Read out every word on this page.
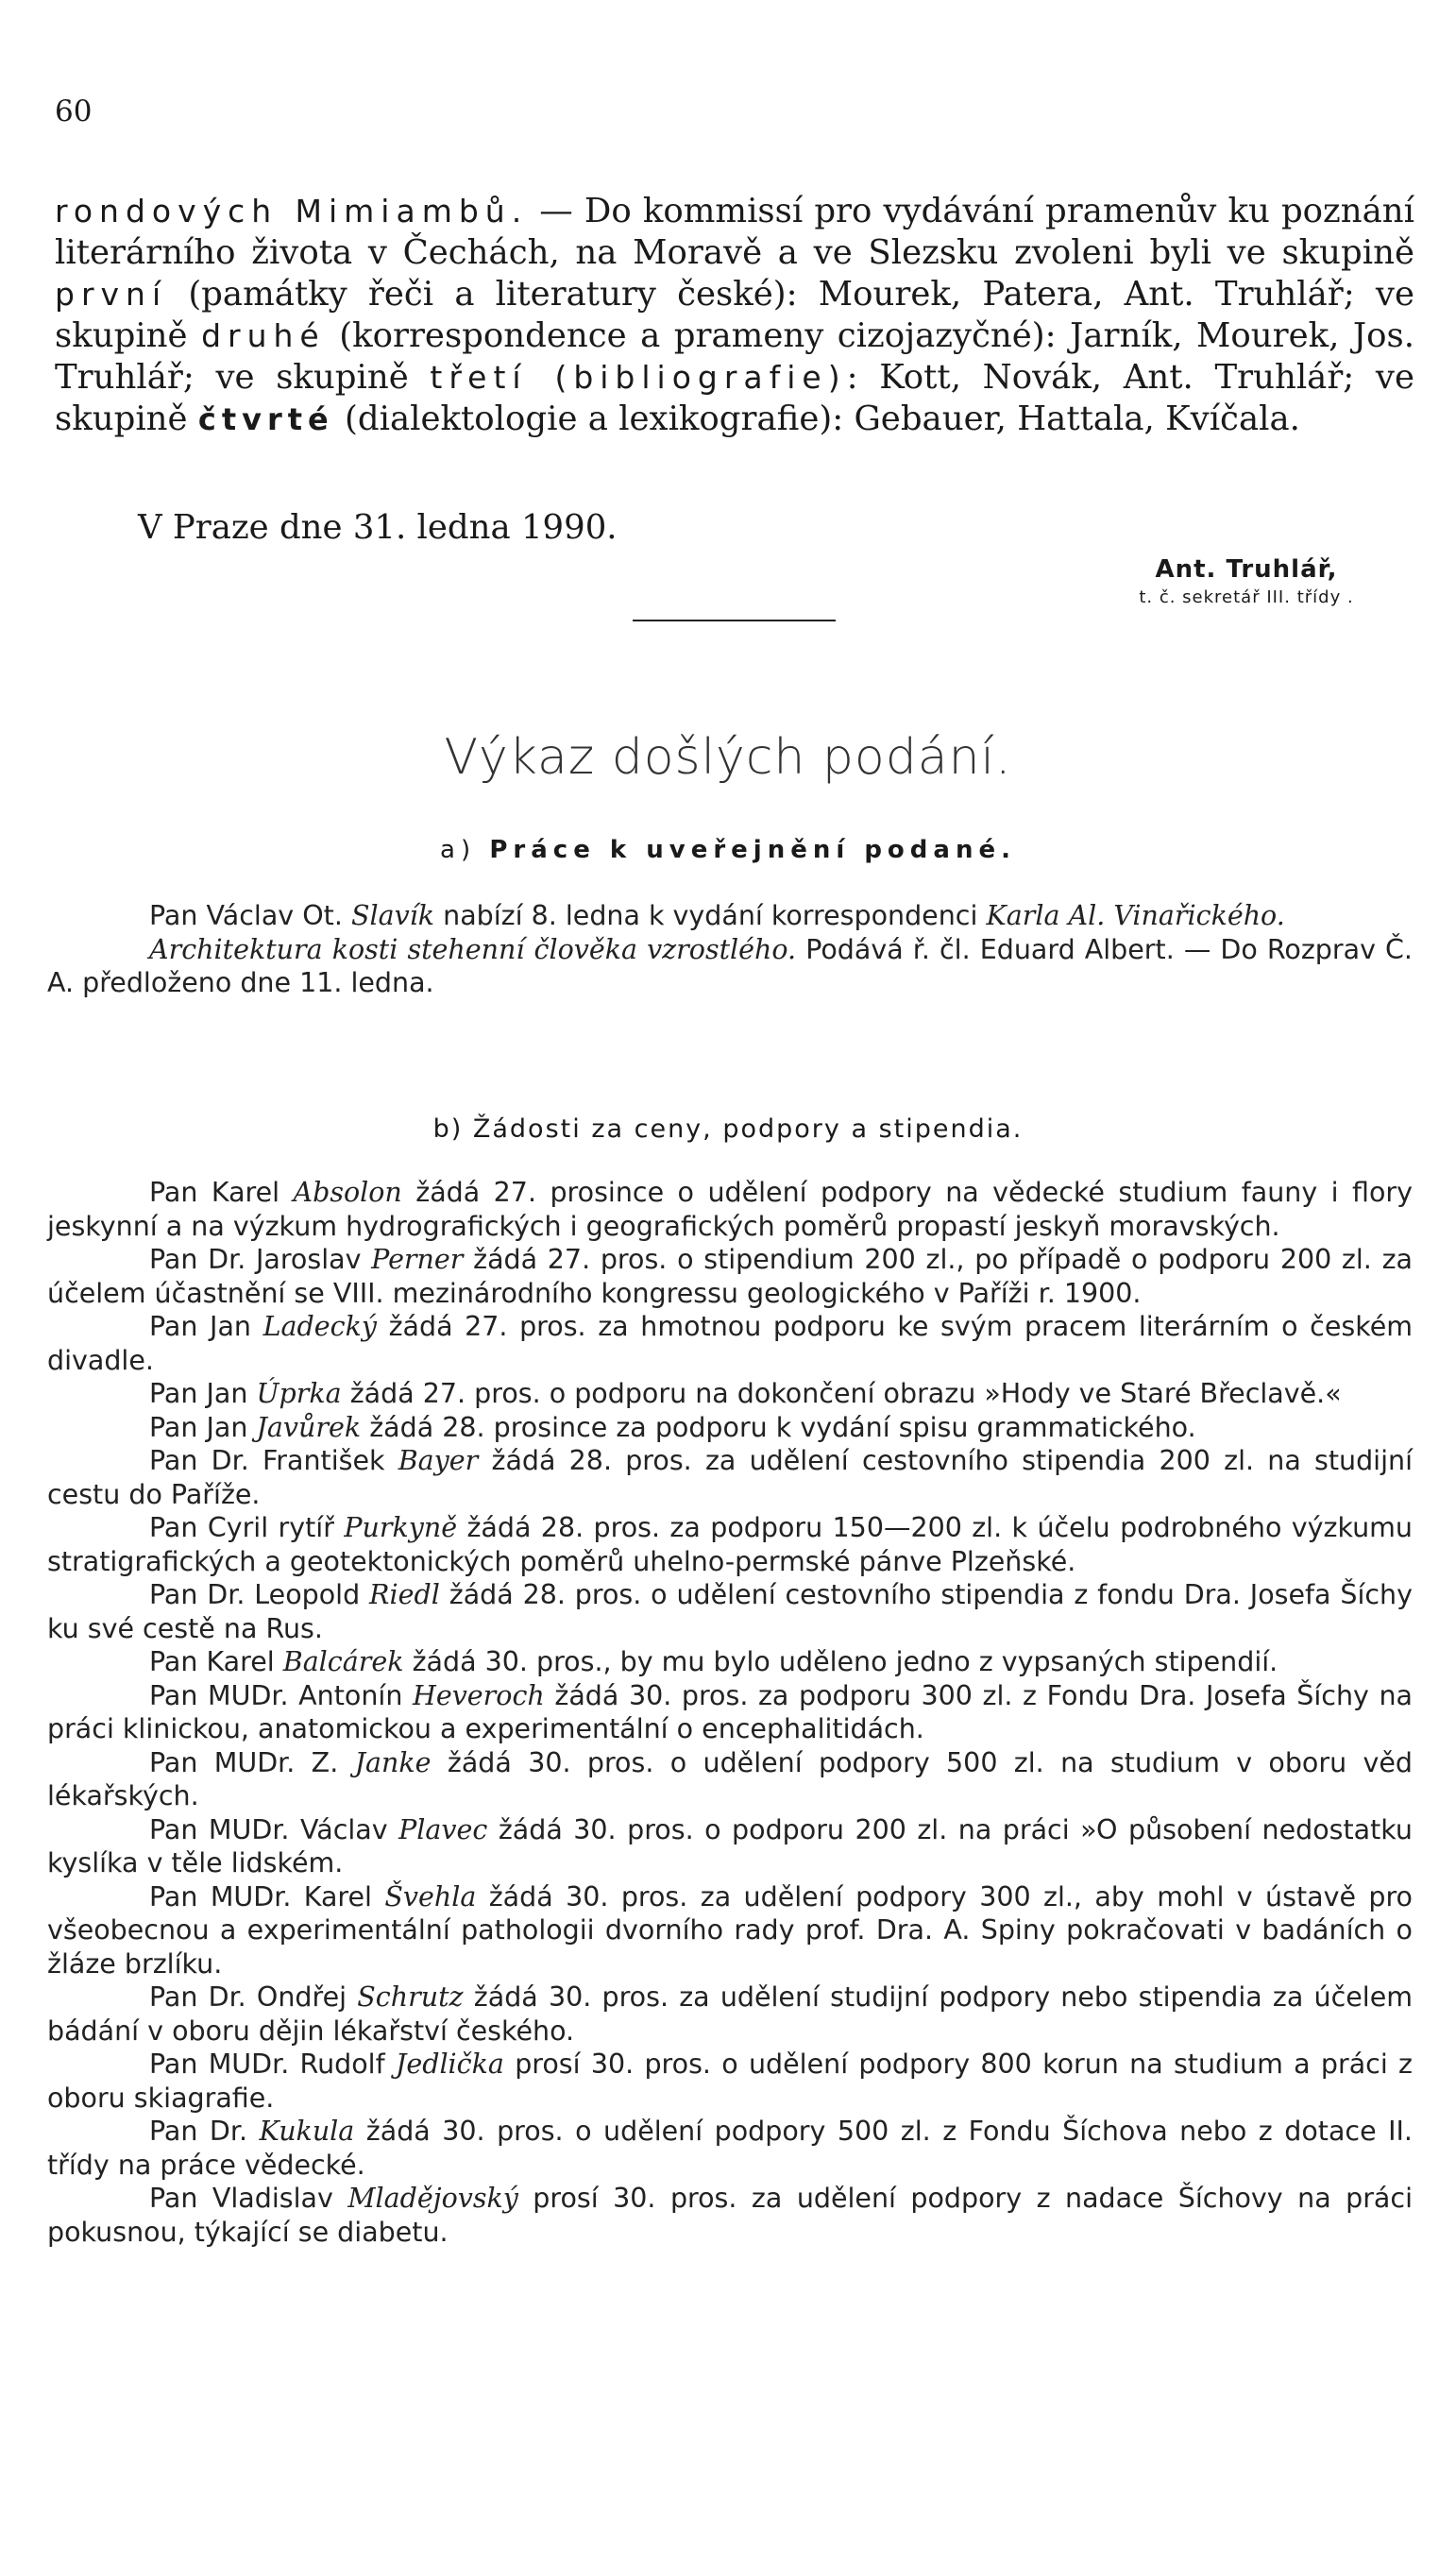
60
rondových Mimiambů. — Do kommissí pro vydávání pramenův ku poznání literárního života v Čechách, na Moravě a ve Slezsku zvoleni byli ve skupině první (památky řeči a literatury české): Mourek, Patera, Ant. Truhlář; ve skupině druhé (korrespondence a prameny cizojazyčné): Jarník, Mourek, Jos. Truhlář; ve skupině třetí (bibliografie): Kott, Novák, Ant. Truhlář; ve skupině čtvrté (dialektologie a lexikografie): Gebauer, Hattala, Kvíčala.
V Praze dne 31. ledna 1990.
Ant. Truhlář,
t. č. sekretář III. třídy .
Výkaz došlých podání.
a) Práce k uveřejnění podané.

Pan Václav Ot. Slavík nabízí 8. ledna k vydání korrespondenci Karla Al. Vinařického.

Architektura kosti stehenní člověka vzrostlého. Podává ř. čl. Eduard Albert. — Do Rozprav Č. A. předloženo dne 11. ledna.

b) Žádosti za ceny, podpory a stipendia.

Pan Karel Absolon žádá 27. prosince o udělení podpory na vědecké studium fauny i flory jeskynní a na výzkum hydrografických i geografických poměrů propastí jeskyň moravských.

Pan Dr. Jaroslav Perner žádá 27. pros. o stipendium 200 zl., po případě o podporu 200 zl. za účelem účastnění se VIII. mezinárodního kongressu geologického v Paříži r. 1900.

Pan Jan Ladecký žádá 27. pros. za hmotnou podporu ke svým pracem literárním o českém divadle.

Pan Jan Úprka žádá 27. pros. o podporu na dokončení obrazu »Hody ve Staré Břeclavě.«

Pan Jan Javůrek žádá 28. prosince za podporu k vydání spisu grammatického.

Pan Dr. František Bayer žádá 28. pros. za udělení cestovního stipendia 200 zl. na studijní cestu do Paříže.

Pan Cyril rytíř Purkyně žádá 28. pros. za podporu 150—200 zl. k účelu podrobného výzkumu stratigrafických a geotektonických poměrů uhelno-permské pánve Plzeňské.

Pan Dr. Leopold Riedl žádá 28. pros. o udělení cestovního stipendia z fondu Dra. Josefa Šíchy ku své cestě na Rus.

Pan Karel Balcárek žádá 30. pros., by mu bylo uděleno jedno z vypsaných stipendií.

Pan MUDr. Antonín Heveroch žádá 30. pros. za podporu 300 zl. z Fondu Dra. Josefa Šíchy na práci klinickou, anatomickou a experimentální o encephalitidách.

Pan MUDr. Z. Janke žádá 30. pros. o udělení podpory 500 zl. na studium v oboru věd lékařských.

Pan MUDr. Václav Plavec žádá 30. pros. o podporu 200 zl. na práci »O působení nedostatku kyslíka v těle lidském.

Pan MUDr. Karel Švehla žádá 30. pros. za udělení podpory 300 zl., aby mohl v ústavě pro všeobecnou a experimentální pathologii dvorního rady prof. Dra. A. Spiny pokračovati v badáních o žláze brzlíku.

Pan Dr. Ondřej Schrutz žádá 30. pros. za udělení studijní podpory nebo stipendia za účelem bádání v oboru dějin lékařství českého.

Pan MUDr. Rudolf Jedlička prosí 30. pros. o udělení podpory 800 korun na studium a práci z oboru skiagrafie.

Pan Dr. Kukula žádá 30. pros. o udělení podpory 500 zl. z Fondu Šíchova nebo z dotace II. třídy na práce vědecké.

Pan Vladislav Mladějovský prosí 30. pros. za udělení podpory z nadace Šíchovy na práci pokusnou, týkající se diabetu.
